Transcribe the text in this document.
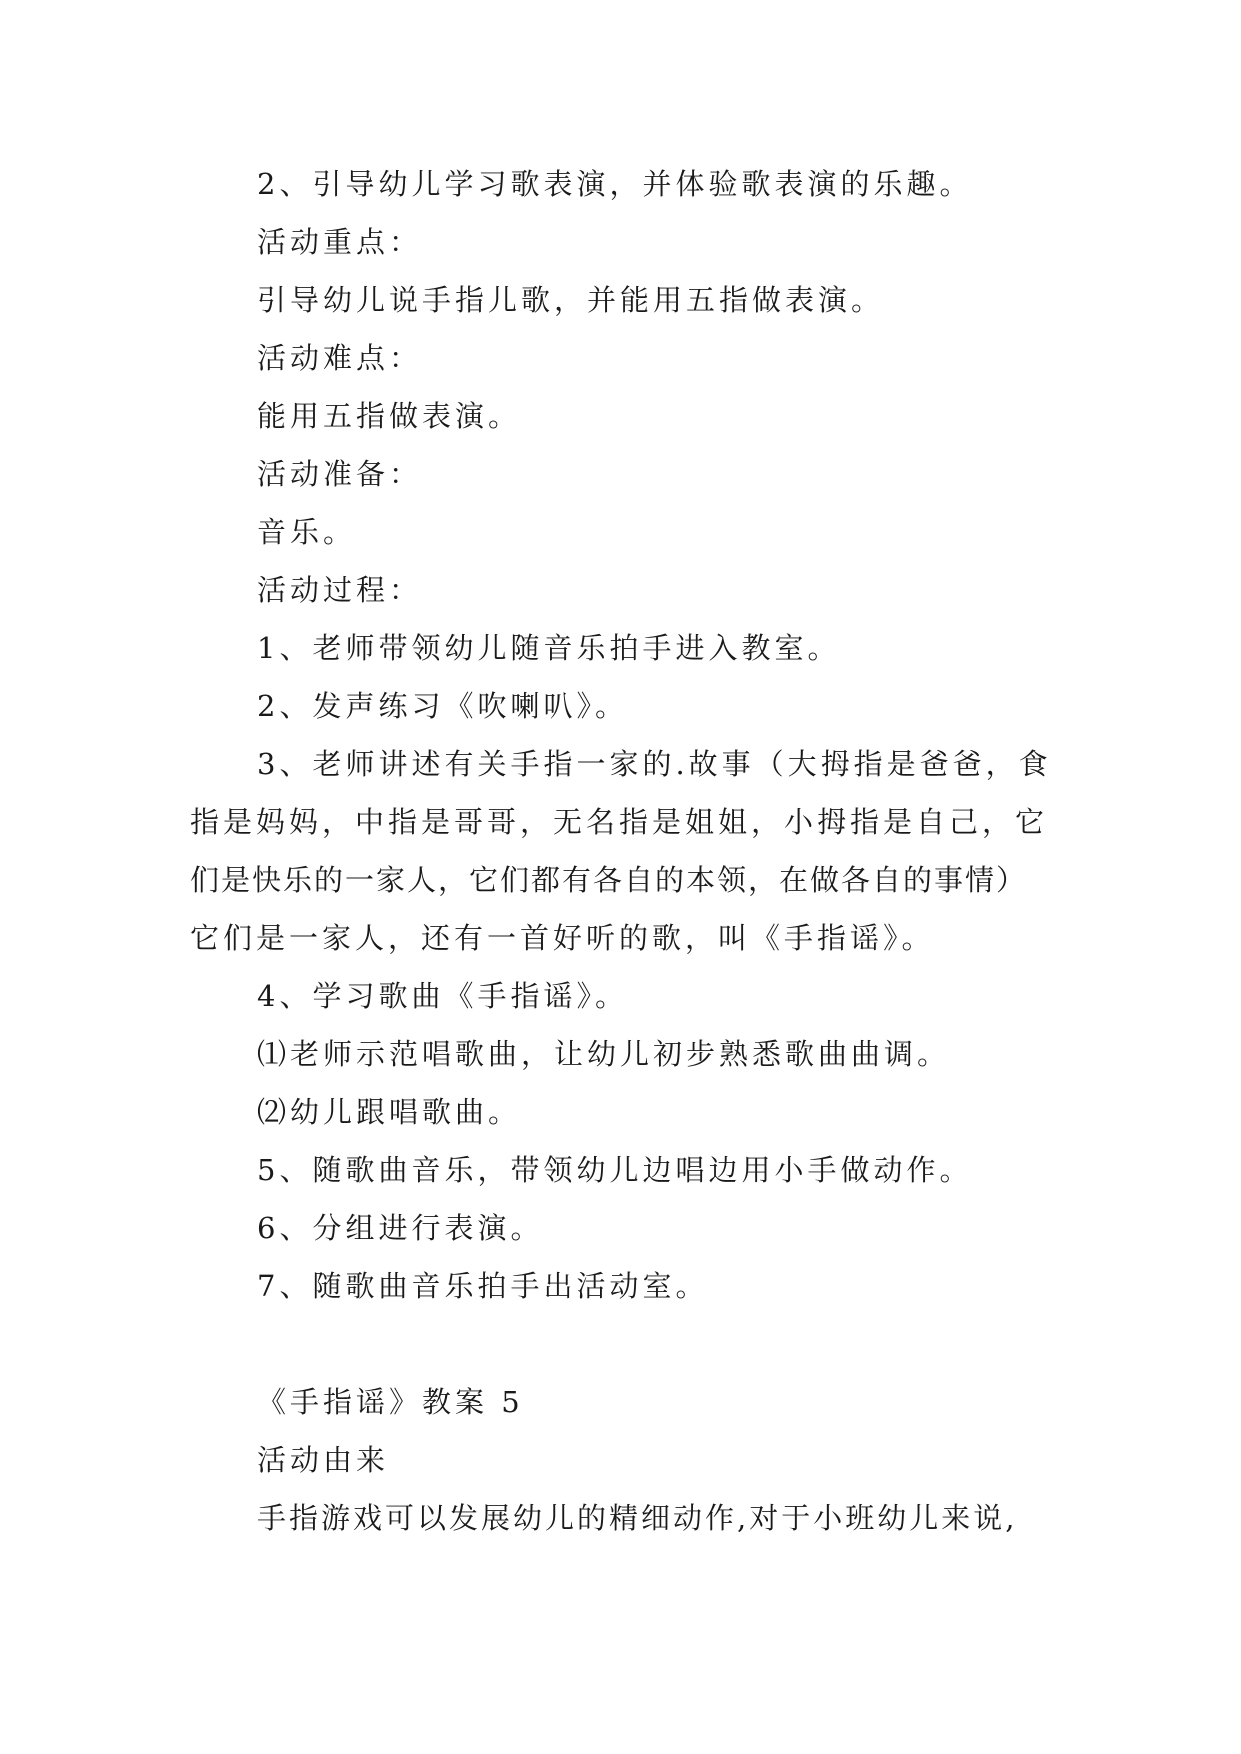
2、引导幼儿学习歌表演，并体验歌表演的乐趣。
活动重点：
引导幼儿说手指儿歌，并能用五指做表演。
活动难点：
能用五指做表演。
活动准备：
音乐。
活动过程：
1、老师带领幼儿随音乐拍手进入教室。
2、发声练习《吹喇叭》。
3、老师讲述有关手指一家的.故事（大拇指是爸爸，食
指是妈妈，中指是哥哥，无名指是姐姐，小拇指是自己，它
们是快乐的一家人，它们都有各自的本领，在做各自的事情）
它们是一家人，还有一首好听的歌，叫《手指谣》。
4、学习歌曲《手指谣》。
⑴老师示范唱歌曲，让幼儿初步熟悉歌曲曲调。
⑵幼儿跟唱歌曲。
5、随歌曲音乐，带领幼儿边唱边用小手做动作。
6、分组进行表演。
7、随歌曲音乐拍手出活动室。
《手指谣》教案 5
活动由来
手指游戏可以发展幼儿的精细动作,对于小班幼儿来说,
